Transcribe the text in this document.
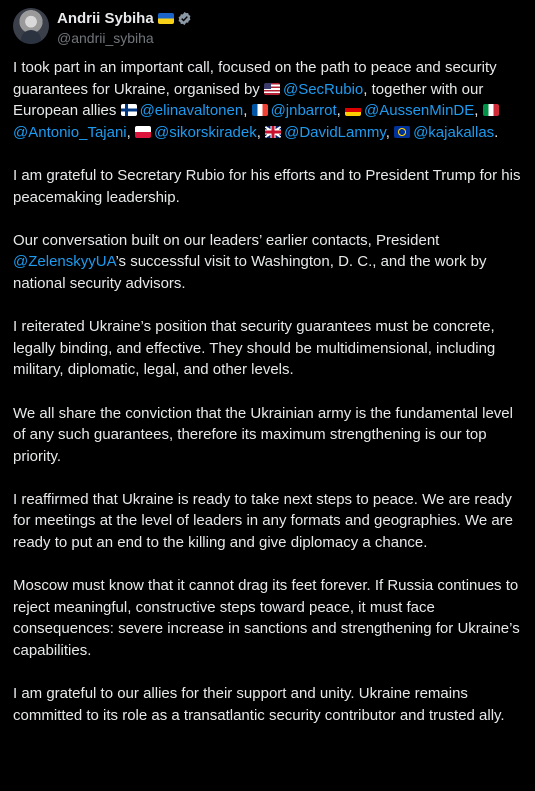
Andrii Sybiha
@andrii_sybiha

I took part in an important call, focused on the path to peace and security guarantees for Ukraine, organised by @SecRubio, together with our European allies @elinavaltonen, @jnbarrot, @AussenMinDE, @Antonio_Tajani, @sikorskiradek, @DavidLammy, @kajakallas.

I am grateful to Secretary Rubio for his efforts and to President Trump for his peacemaking leadership.

Our conversation built on our leaders’ earlier contacts, President @ZelenskyyUA’s successful visit to Washington, D. C., and the work by national security advisors.

I reiterated Ukraine’s position that security guarantees must be concrete, legally binding, and effective. They should be multidimensional, including military, diplomatic, legal, and other levels.

We all share the conviction that the Ukrainian army is the fundamental level of any such guarantees, therefore its maximum strengthening is our top priority.

I reaffirmed that Ukraine is ready to take next steps to peace. We are ready for meetings at the level of leaders in any formats and geographies. We are ready to put an end to the killing and give diplomacy a chance.

Moscow must know that it cannot drag its feet forever. If Russia continues to reject meaningful, constructive steps toward peace, it must face consequences: severe increase in sanctions and strengthening for Ukraine’s capabilities.

I am grateful to our allies for their support and unity. Ukraine remains committed to its role as a transatlantic security contributor and trusted ally.
